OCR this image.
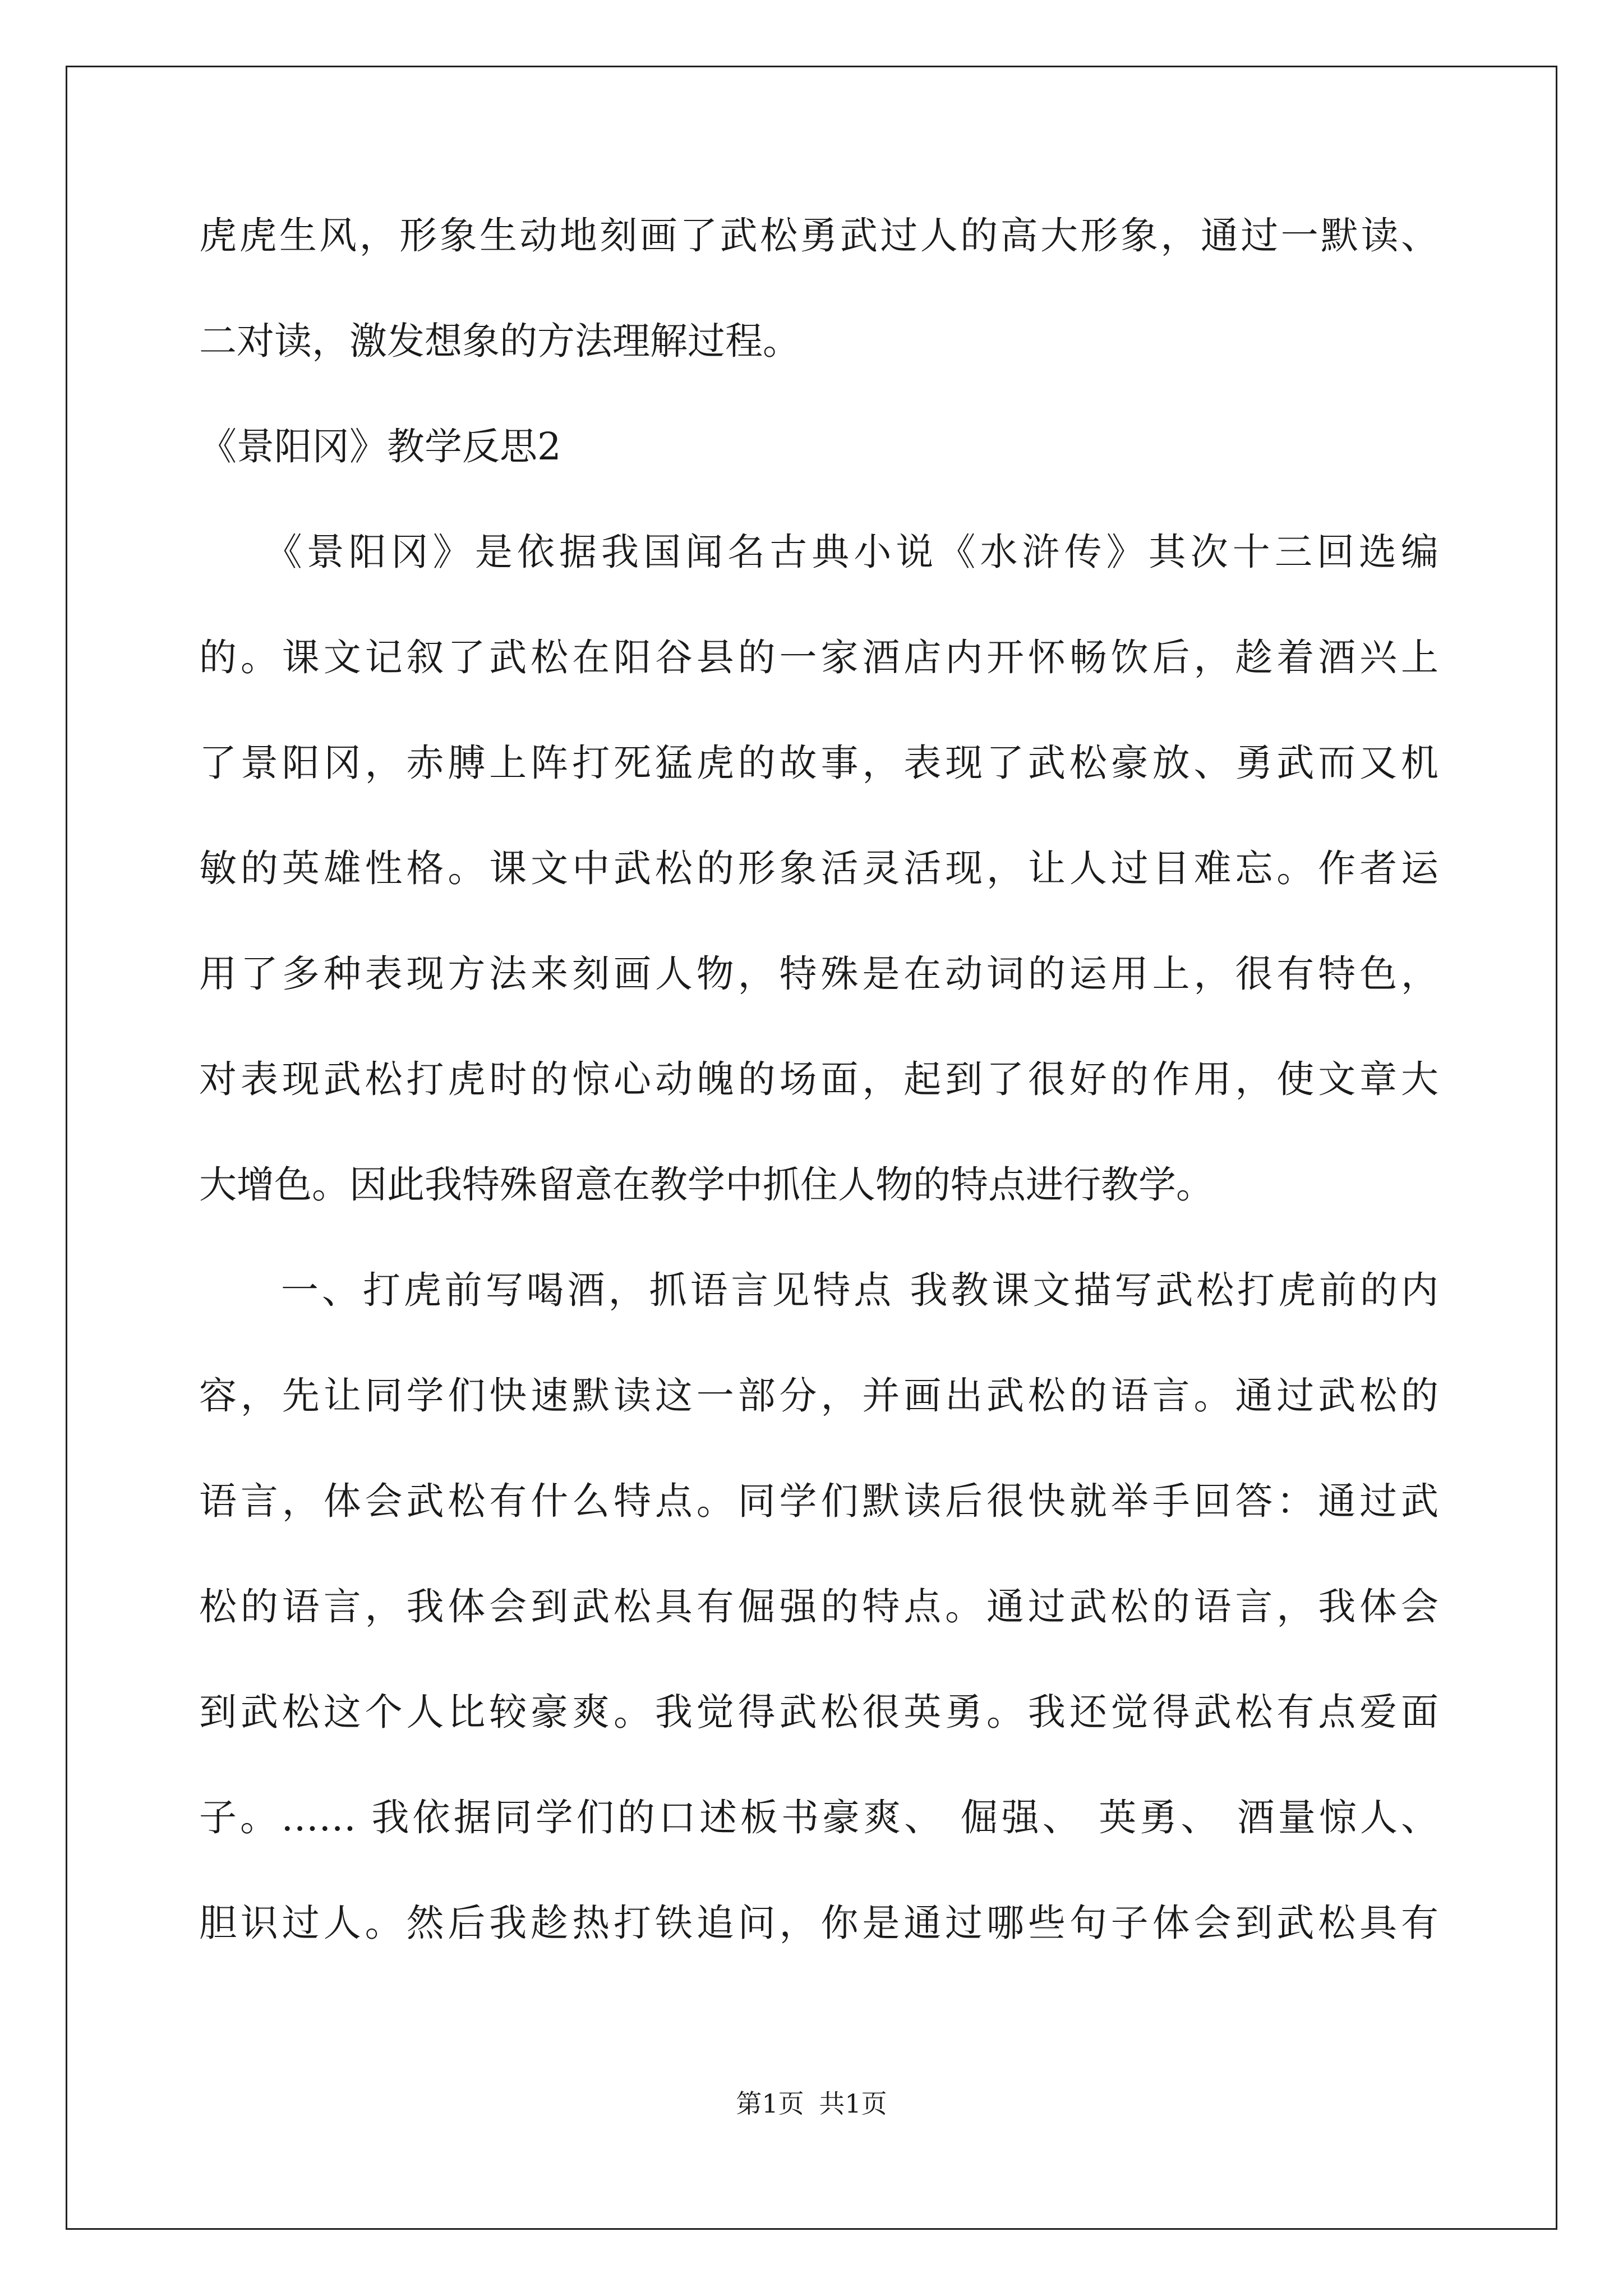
虎虎生风，形象生动地刻画了武松勇武过人的高大形象，通过一默读、
二对读，激发想象的方法理解过程。
《景阳冈》教学反思2
　　《景阳冈》是依据我国闻名古典小说《水浒传》其次十三回选编
的。课文记叙了武松在阳谷县的一家酒店内开怀畅饮后，趁着酒兴上
了景阳冈，赤膊上阵打死猛虎的故事，表现了武松豪放、勇武而又机
敏的英雄性格。课文中武松的形象活灵活现，让人过目难忘。作者运
用了多种表现方法来刻画人物，特殊是在动词的运用上，很有特色，
对表现武松打虎时的惊心动魄的场面，起到了很好的作用，使文章大
大增色。因此我特殊留意在教学中抓住人物的特点进行教学。
　　一、打虎前写喝酒，抓语言见特点 我教课文描写武松打虎前的内
容，先让同学们快速默读这一部分，并画出武松的语言。通过武松的
语言，体会武松有什么特点。同学们默读后很快就举手回答：通过武
松的语言，我体会到武松具有倔强的特点。通过武松的语言，我体会
到武松这个人比较豪爽。我觉得武松很英勇。我还觉得武松有点爱面
子。…… 我依据同学们的口述板书豪爽、 倔强、 英勇、 酒量惊人、
胆识过人。然后我趁热打铁追问，你是通过哪些句子体会到武松具有
第1页 共1页
